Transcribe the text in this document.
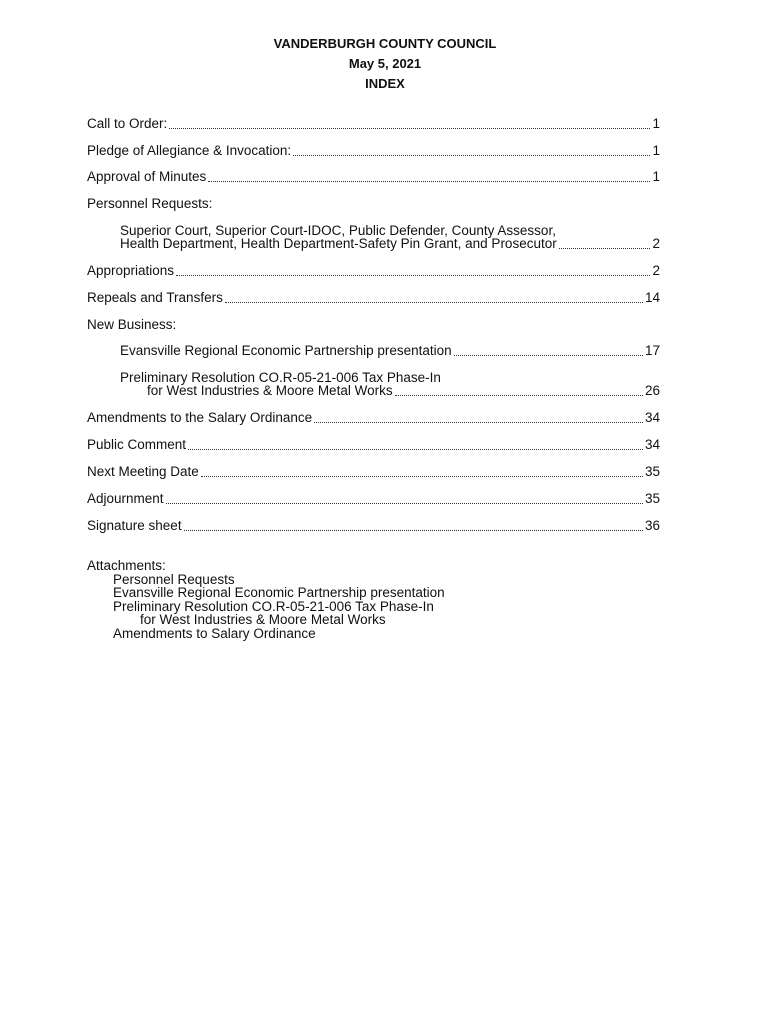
VANDERBURGH COUNTY COUNCIL
May 5, 2021
INDEX
Call to Order:	1
Pledge of Allegiance & Invocation:	1
Approval of Minutes	1
Personnel Requests:
Superior Court, Superior Court-IDOC, Public Defender, County Assessor,
Health Department, Health Department-Safety Pin Grant, and Prosecutor	2
Appropriations	2
Repeals and Transfers	14
New Business:
Evansville Regional Economic Partnership presentation	17
Preliminary Resolution CO.R-05-21-006 Tax Phase-In
for West Industries & Moore Metal Works	26
Amendments to the Salary Ordinance	34
Public Comment	34
Next Meeting Date	35
Adjournment	35
Signature sheet	36
Attachments:
Personnel Requests
Evansville Regional Economic Partnership presentation
Preliminary Resolution CO.R-05-21-006 Tax Phase-In
for West Industries & Moore Metal Works
Amendments to Salary Ordinance
